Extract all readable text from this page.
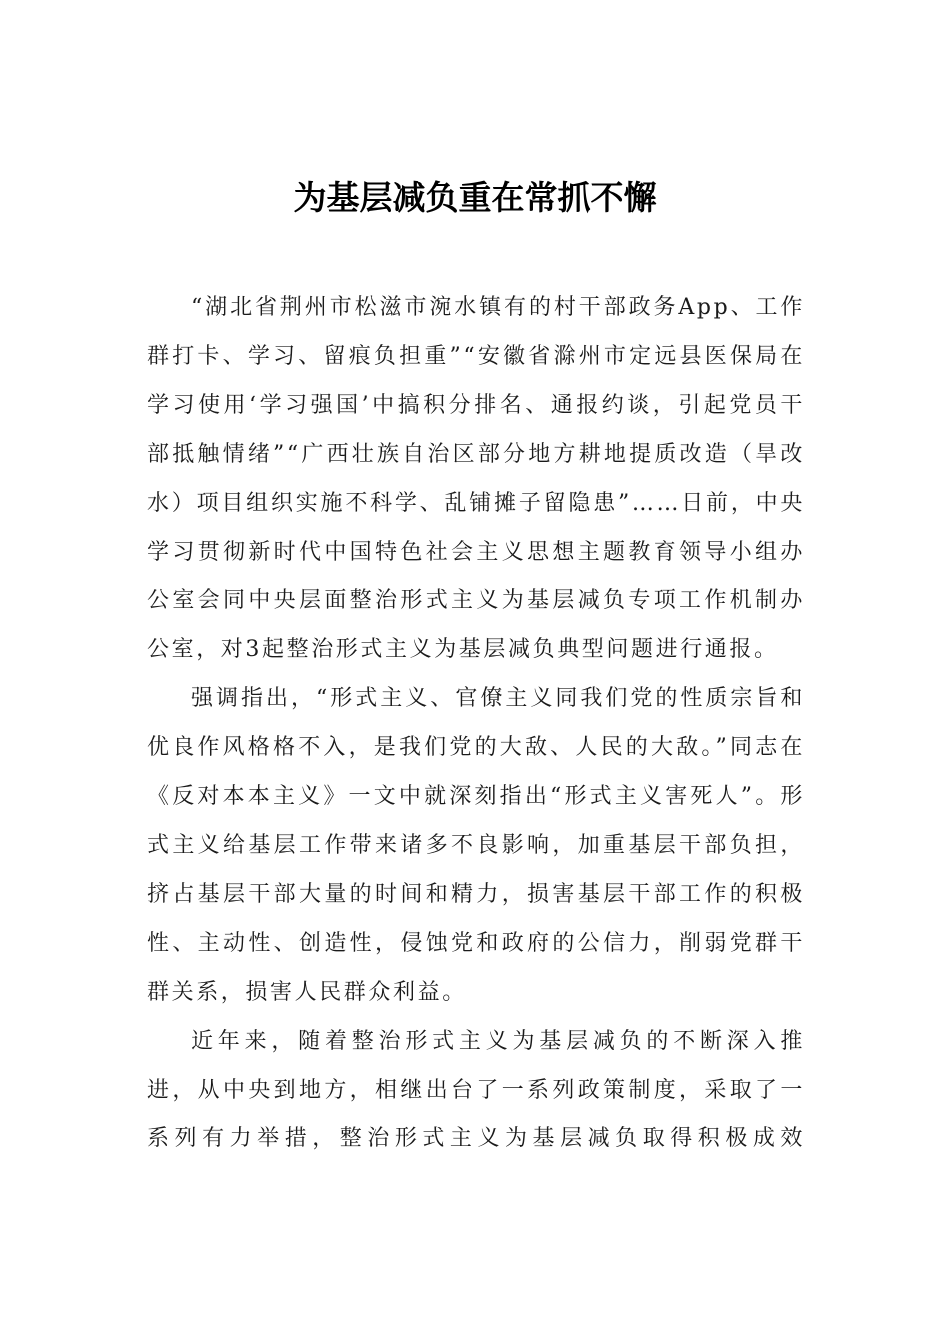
为基层减负重在常抓不懈

“湖北省荆州市松滋市涴水镇有的村干部政务App、工作群打卡、学习、留痕负担重”“安徽省滁州市定远县医保局在学习使用‘学习强国’中搞积分排名、通报约谈，引起党员干部抵触情绪”“广西壮族自治区部分地方耕地提质改造（旱改水）项目组织实施不科学、乱铺摊子留隐患”……日前，中央学习贯彻新时代中国特色社会主义思想主题教育领导小组办公室会同中央层面整治形式主义为基层减负专项工作机制办公室，对3起整治形式主义为基层减负典型问题进行通报。

强调指出，“形式主义、官僚主义同我们党的性质宗旨和优良作风格格不入，是我们党的大敌、人民的大敌。”同志在《反对本本主义》一文中就深刻指出“形式主义害死人”。形式主义给基层工作带来诸多不良影响，加重基层干部负担，挤占基层干部大量的时间和精力，损害基层干部工作的积极性、主动性、创造性，侵蚀党和政府的公信力，削弱党群干群关系，损害人民群众利益。

近年来，随着整治形式主义为基层减负的不断深入推进，从中央到地方，相继出台了一系列政策制度，采取了一系列有力举措，整治形式主义为基层减负取得积极成效
